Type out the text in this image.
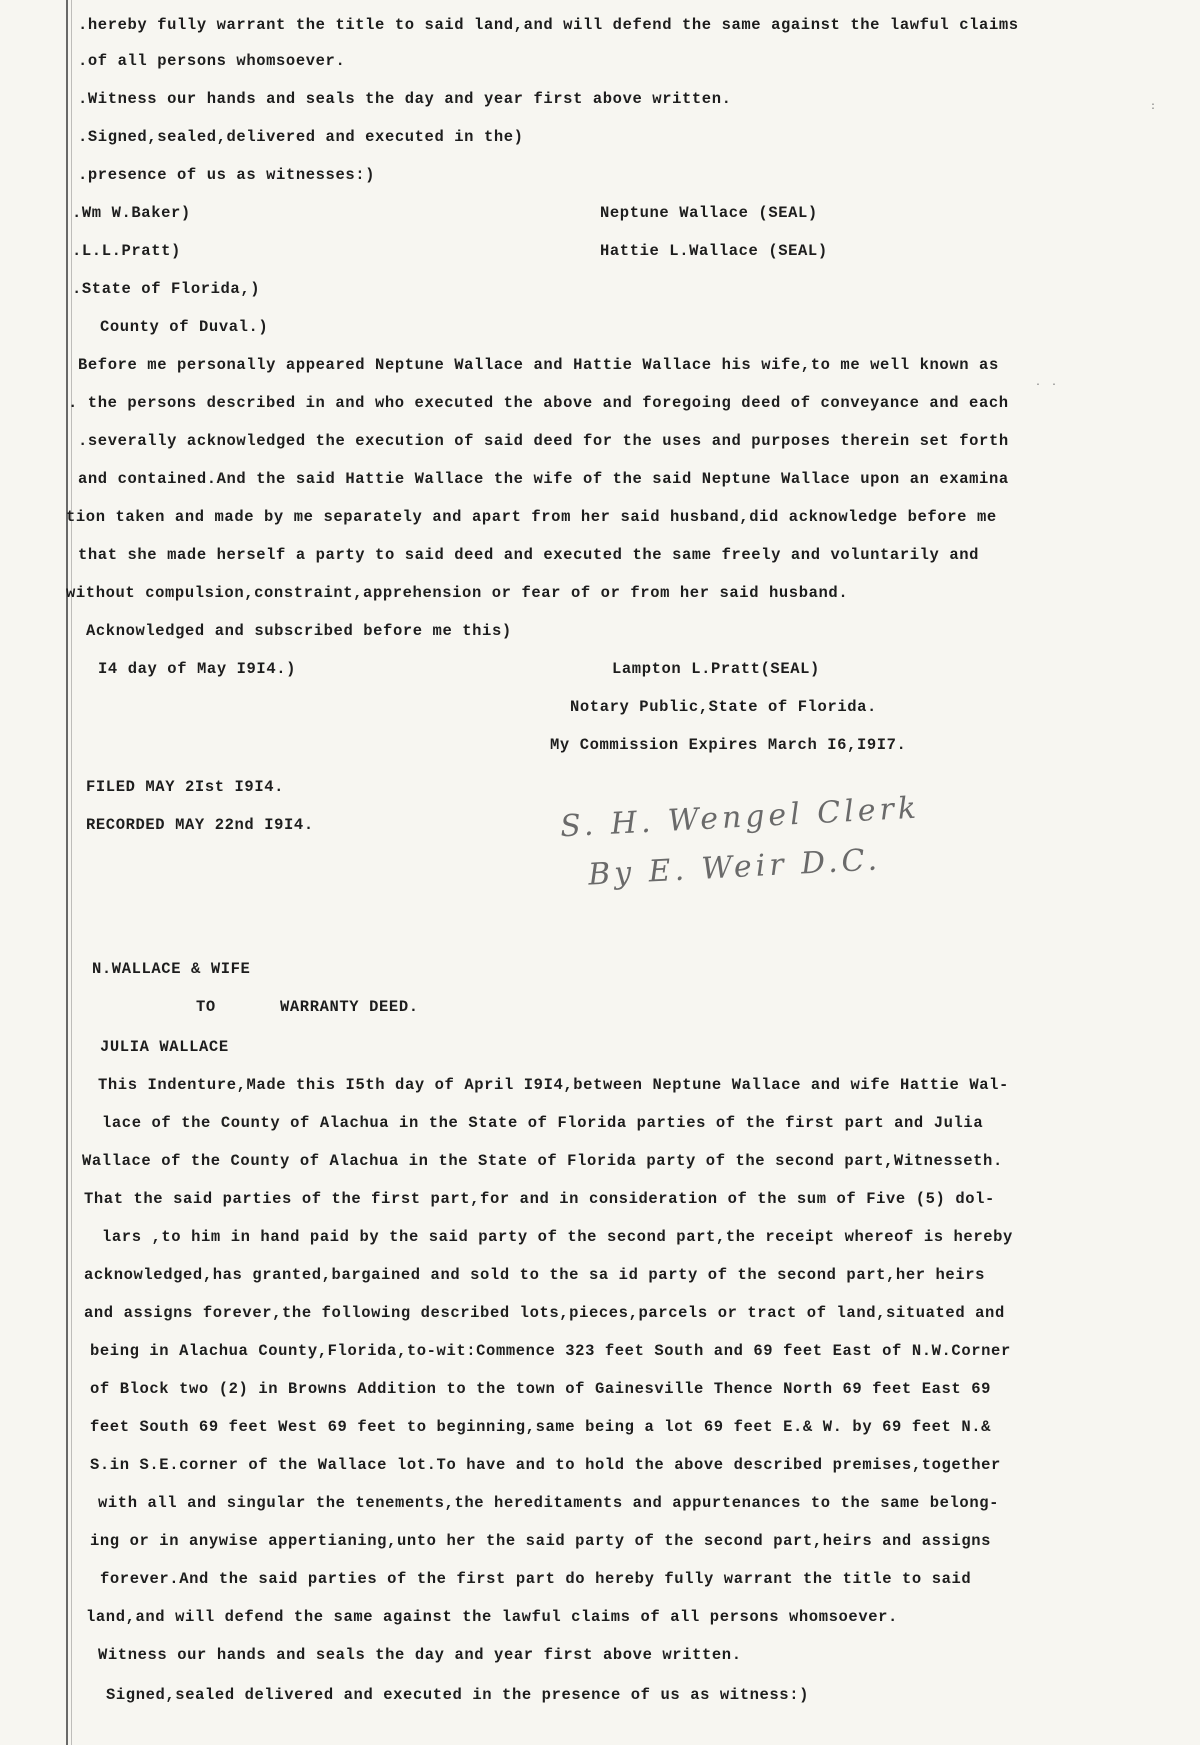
.hereby fully warrant the title to said land,and will defend the same against the lawful claims
.of all persons whomsoever.
.Witness our hands and seals the day and year first above written.
.Signed,sealed,delivered and executed in the)
.presence of us as witnesses:)
.Wm W.Baker)	Neptune Wallace (SEAL)
.L.L.Pratt)	Hattie L.Wallace (SEAL)
.State of Florida,)
County of Duval.)
Before me personally appeared Neptune Wallace and Hattie Wallace his wife,to me well known as
. the persons described in and who executed the above and foregoing deed of conveyance and each
.severally acknowledged the execution of said deed for the uses and purposes therein set forth
and contained.And the said Hattie Wallace the wife of the said Neptune Wallace upon an examina
tion taken and made by me separately and apart from her said husband,did acknowledge before me
that she made herself a party to said deed and executed the same freely and voluntarily and
without compulsion,constraint,apprehension or fear of or from her said husband.
Acknowledged and subscribed before me this)
I4 day of May I9I4.)	Lampton L.Pratt(SEAL)
Notary Public,State of Florida.
My Commission Expires March I6,I9I7.
FILED MAY 2Ist I9I4.
RECORDED MAY 22nd I9I4.	S. H. Wengel Clerk
By E. Weir D.C.
N.WALLACE & WIFE
TO	WARRANTY DEED.
JULIA WALLACE
This Indenture,Made this I5th day of April I9I4,between Neptune Wallace and wife Hattie Wal-
lace of the County of Alachua in the State of Florida parties of the first part and Julia
Wallace of the County of Alachua in the State of Florida party of the second part,Witnesseth.
That the said parties of the first part,for and in consideration of the sum of Five (5) dol-
lars ,to him in hand paid by the said party of the second part,the receipt whereof is hereby
acknowledged,has granted,bargained and sold to the sa id party of the second part,her heirs
and assigns forever,the following described lots,pieces,parcels or tract of land,situated and
being in Alachua County,Florida,to-wit:Commence 323 feet South and 69 feet East of N.W.Corner
of Block two (2) in Browns Addition to the town of Gainesville Thence North 69 feet East 69
feet South 69 feet West 69 feet to beginning,same being a lot 69 feet E.& W. by 69 feet N.&
S.in S.E.corner of the Wallace lot.To have and to hold the above described premises,together
with all and singular the tenements,the hereditaments and appurtenances to the same belong-
ing or in anywise appertianing,unto her the said party of the second part,heirs and assigns
forever.And the said parties of the first part do hereby fully warrant the title to said
land,and will defend the same against the lawful claims of all persons whomsoever.
Witness our hands and seals the day and year first above written.
Signed,sealed delivered and executed in the presence of us as witness:)
. .
:
